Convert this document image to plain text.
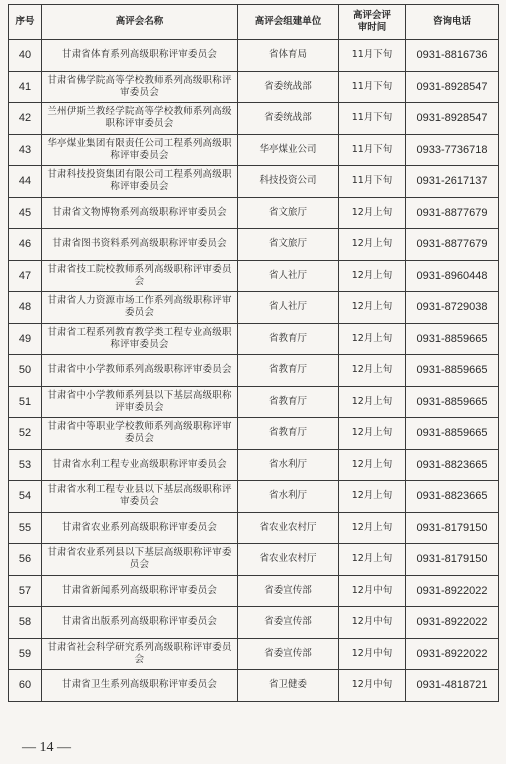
序号	高评会名称	高评会组建单位	高评会评审时间	咨询电话
40	甘肃省体育系列高级职称评审委员会	省体育局	11月下旬	0931-8816736
41	甘肃省佛学院高等学校教师系列高级职称评审委员会	省委统战部	11月下旬	0931-8928547
42	兰州伊斯兰教经学院高等学校教师系列高级职称评审委员会	省委统战部	11月下旬	0931-8928547
43	华亭煤业集团有限责任公司工程系列高级职称评审委员会	华亭煤业公司	11月下旬	0933-7736718
44	甘肃科技投资集团有限公司工程系列高级职称评审委员会	科技投资公司	11月下旬	0931-2617137
45	甘肃省文物博物系列高级职称评审委员会	省文旅厅	12月上旬	0931-8877679
46	甘肃省图书资料系列高级职称评审委员会	省文旅厅	12月上旬	0931-8877679
47	甘肃省技工院校教师系列高级职称评审委员会	省人社厅	12月上旬	0931-8960448
48	甘肃省人力资源市场工作系列高级职称评审委员会	省人社厅	12月上旬	0931-8729038
49	甘肃省工程系列教育教学类工程专业高级职称评审委员会	省教育厅	12月上旬	0931-8859665
50	甘肃省中小学教师系列高级职称评审委员会	省教育厅	12月上旬	0931-8859665
51	甘肃省中小学教师系列县以下基层高级职称评审委员会	省教育厅	12月上旬	0931-8859665
52	甘肃省中等职业学校教师系列高级职称评审委员会	省教育厅	12月上旬	0931-8859665
53	甘肃省水利工程专业高级职称评审委员会	省水利厅	12月上旬	0931-8823665
54	甘肃省水利工程专业县以下基层高级职称评审委员会	省水利厅	12月上旬	0931-8823665
55	甘肃省农业系列高级职称评审委员会	省农业农村厅	12月上旬	0931-8179150
56	甘肃省农业系列县以下基层高级职称评审委员会	省农业农村厅	12月上旬	0931-8179150
57	甘肃省新闻系列高级职称评审委员会	省委宣传部	12月中旬	0931-8922022
58	甘肃省出版系列高级职称评审委员会	省委宣传部	12月中旬	0931-8922022
59	甘肃省社会科学研究系列高级职称评审委员会	省委宣传部	12月中旬	0931-8922022
60	甘肃省卫生系列高级职称评审委员会	省卫健委	12月中旬	0931-4818721
— 14 —
